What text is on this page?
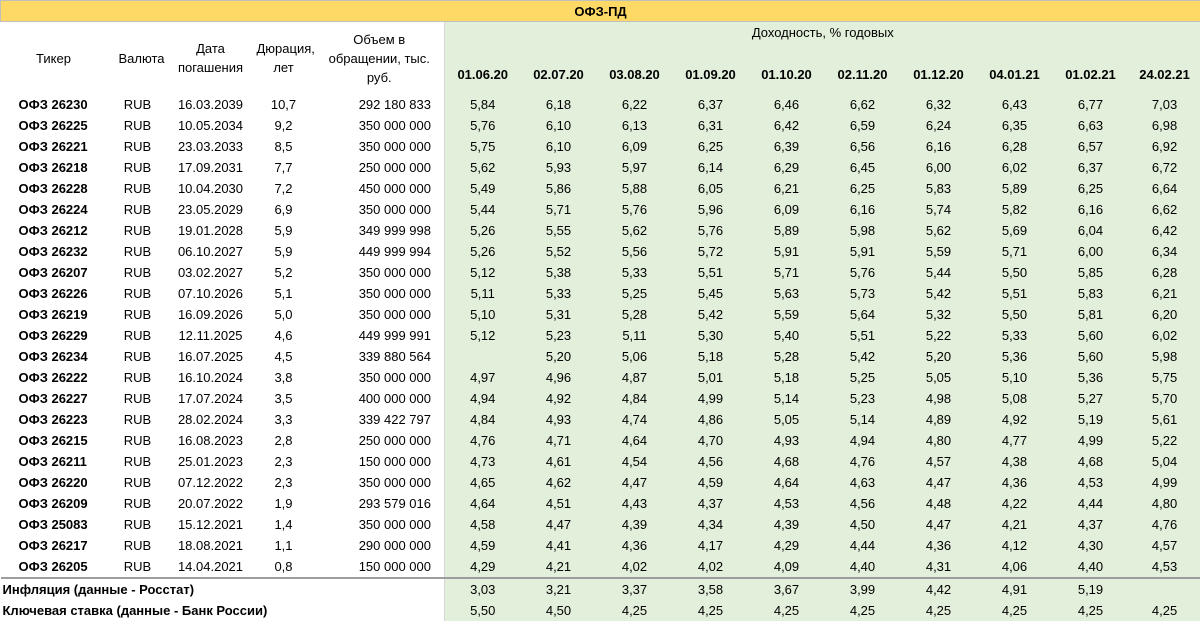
ОФЗ-ПД														
Тикер	Валюта	Дата погашения	Дюрация, лет	Объем в обращении, тыс. руб.	Доходность, % годовых									
					01.06.20	02.07.20	03.08.20	01.09.20	01.10.20	02.11.20	01.12.20	04.01.21	01.02.21	24.02.21
ОФЗ 26230	RUB	16.03.2039	10,7	292 180 833	5,84	6,18	6,22	6,37	6,46	6,62	6,32	6,43	6,77	7,03
ОФЗ 26225	RUB	10.05.2034	9,2	350 000 000	5,76	6,10	6,13	6,31	6,42	6,59	6,24	6,35	6,63	6,98
ОФЗ 26221	RUB	23.03.2033	8,5	350 000 000	5,75	6,10	6,09	6,25	6,39	6,56	6,16	6,28	6,57	6,92
ОФЗ 26218	RUB	17.09.2031	7,7	250 000 000	5,62	5,93	5,97	6,14	6,29	6,45	6,00	6,02	6,37	6,72
ОФЗ 26228	RUB	10.04.2030	7,2	450 000 000	5,49	5,86	5,88	6,05	6,21	6,25	5,83	5,89	6,25	6,64
ОФЗ 26224	RUB	23.05.2029	6,9	350 000 000	5,44	5,71	5,76	5,96	6,09	6,16	5,74	5,82	6,16	6,62
ОФЗ 26212	RUB	19.01.2028	5,9	349 999 998	5,26	5,55	5,62	5,76	5,89	5,98	5,62	5,69	6,04	6,42
ОФЗ 26232	RUB	06.10.2027	5,9	449 999 994	5,26	5,52	5,56	5,72	5,91	5,91	5,59	5,71	6,00	6,34
ОФЗ 26207	RUB	03.02.2027	5,2	350 000 000	5,12	5,38	5,33	5,51	5,71	5,76	5,44	5,50	5,85	6,28
ОФЗ 26226	RUB	07.10.2026	5,1	350 000 000	5,11	5,33	5,25	5,45	5,63	5,73	5,42	5,51	5,83	6,21
ОФЗ 26219	RUB	16.09.2026	5,0	350 000 000	5,10	5,31	5,28	5,42	5,59	5,64	5,32	5,50	5,81	6,20
ОФЗ 26229	RUB	12.11.2025	4,6	449 999 991	5,12	5,23	5,11	5,30	5,40	5,51	5,22	5,33	5,60	6,02
ОФЗ 26234	RUB	16.07.2025	4,5	339 880 564		5,20	5,06	5,18	5,28	5,42	5,20	5,36	5,60	5,98
ОФЗ 26222	RUB	16.10.2024	3,8	350 000 000	4,97	4,96	4,87	5,01	5,18	5,25	5,05	5,10	5,36	5,75
ОФЗ 26227	RUB	17.07.2024	3,5	400 000 000	4,94	4,92	4,84	4,99	5,14	5,23	4,98	5,08	5,27	5,70
ОФЗ 26223	RUB	28.02.2024	3,3	339 422 797	4,84	4,93	4,74	4,86	5,05	5,14	4,89	4,92	5,19	5,61
ОФЗ 26215	RUB	16.08.2023	2,8	250 000 000	4,76	4,71	4,64	4,70	4,93	4,94	4,80	4,77	4,99	5,22
ОФЗ 26211	RUB	25.01.2023	2,3	150 000 000	4,73	4,61	4,54	4,56	4,68	4,76	4,57	4,38	4,68	5,04
ОФЗ 26220	RUB	07.12.2022	2,3	350 000 000	4,65	4,62	4,47	4,59	4,64	4,63	4,47	4,36	4,53	4,99
ОФЗ 26209	RUB	20.07.2022	1,9	293 579 016	4,64	4,51	4,43	4,37	4,53	4,56	4,48	4,22	4,44	4,80
ОФЗ 25083	RUB	15.12.2021	1,4	350 000 000	4,58	4,47	4,39	4,34	4,39	4,50	4,47	4,21	4,37	4,76
ОФЗ 26217	RUB	18.08.2021	1,1	290 000 000	4,59	4,41	4,36	4,17	4,29	4,44	4,36	4,12	4,30	4,57
ОФЗ 26205	RUB	14.04.2021	0,8	150 000 000	4,29	4,21	4,02	4,02	4,09	4,40	4,31	4,06	4,40	4,53
Инфляция (данные - Росстат)					3,03	3,21	3,37	3,58	3,67	3,99	4,42	4,91	5,19	
Ключевая ставка (данные - Банк России)					5,50	4,50	4,25	4,25	4,25	4,25	4,25	4,25	4,25	4,25
